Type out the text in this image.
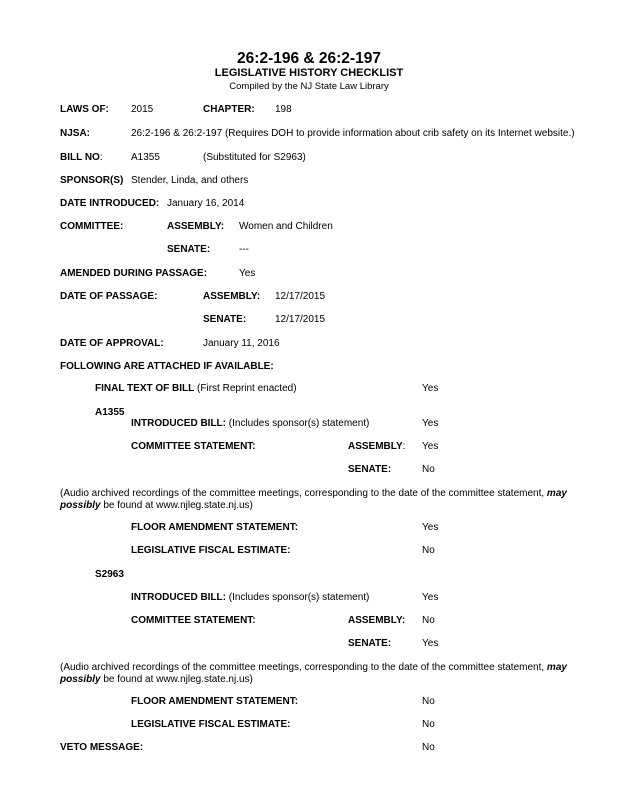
26:2-196 & 26:2-197
LEGISLATIVE HISTORY CHECKLIST
Compiled by the NJ State Law Library
LAWS OF: 2015	CHAPTER: 198
NJSA:	26:2-196 & 26:2-197 (Requires DOH to provide information about crib safety on its Internet website.)
BILL NO:	A1355	(Substituted for S2963)
SPONSOR(S) Stender, Linda, and others
DATE INTRODUCED: January 16, 2014
COMMITTEE:	ASSEMBLY: Women and Children
SENATE:	---
AMENDED DURING PASSAGE:	Yes
DATE OF PASSAGE:	ASSEMBLY: 12/17/2015
SENATE:	12/17/2015
DATE OF APPROVAL:	January 11, 2016
FOLLOWING ARE ATTACHED IF AVAILABLE:
FINAL TEXT OF BILL (First Reprint enacted)	Yes
A1355
INTRODUCED BILL: (Includes sponsor(s) statement)	Yes
COMMITTEE STATEMENT:	ASSEMBLY: Yes
SENATE:	No
(Audio archived recordings of the committee meetings, corresponding to the date of the committee statement, may possibly be found at www.njleg.state.nj.us)
FLOOR AMENDMENT STATEMENT:	Yes
LEGISLATIVE FISCAL ESTIMATE:	No
S2963
INTRODUCED BILL: (Includes sponsor(s) statement)	Yes
COMMITTEE STATEMENT:	ASSEMBLY: No
SENATE:	Yes
(Audio archived recordings of the committee meetings, corresponding to the date of the committee statement, may possibly be found at www.njleg.state.nj.us)
FLOOR AMENDMENT STATEMENT:	No
LEGISLATIVE FISCAL ESTIMATE:	No
VETO MESSAGE:	No
